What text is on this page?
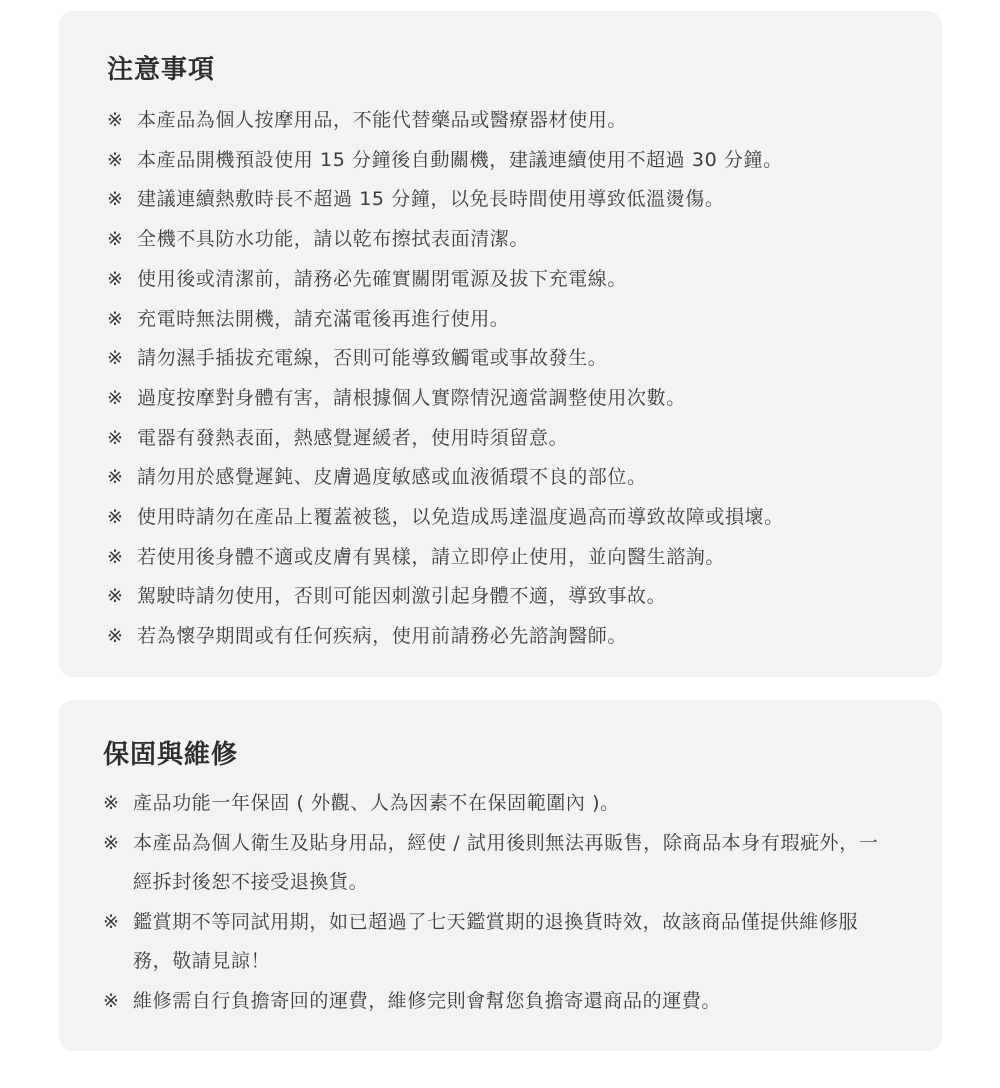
注意事項
※ 本產品為個人按摩用品，不能代替藥品或醫療器材使用。
※ 本產品開機預設使用 15 分鐘後自動關機，建議連續使用不超過 30 分鐘。
※ 建議連續熱敷時長不超過 15 分鐘，以免長時間使用導致低溫燙傷。
※ 全機不具防水功能，請以乾布擦拭表面清潔。
※ 使用後或清潔前，請務必先確實關閉電源及拔下充電線。
※ 充電時無法開機，請充滿電後再進行使用。
※ 請勿濕手插拔充電線，否則可能導致觸電或事故發生。
※ 過度按摩對身體有害，請根據個人實際情況適當調整使用次數。
※ 電器有發熱表面，熱感覺遲緩者，使用時須留意。
※ 請勿用於感覺遲鈍、皮膚過度敏感或血液循環不良的部位。
※ 使用時請勿在產品上覆蓋被毯，以免造成馬達溫度過高而導致故障或損壞。
※ 若使用後身體不適或皮膚有異樣，請立即停止使用，並向醫生諮詢。
※ 駕駛時請勿使用，否則可能因刺激引起身體不適，導致事故。
※ 若為懷孕期間或有任何疾病，使用前請務必先諮詢醫師。
保固與維修
※ 產品功能一年保固 ( 外觀、人為因素不在保固範圍內 )。
※ 本產品為個人衛生及貼身用品，經使 / 試用後則無法再販售，除商品本身有瑕疵外，一經拆封後恕不接受退換貨。
※ 鑑賞期不等同試用期，如已超過了七天鑑賞期的退換貨時效，故該商品僅提供維修服務，敬請見諒！
※ 維修需自行負擔寄回的運費，維修完則會幫您負擔寄還商品的運費。
